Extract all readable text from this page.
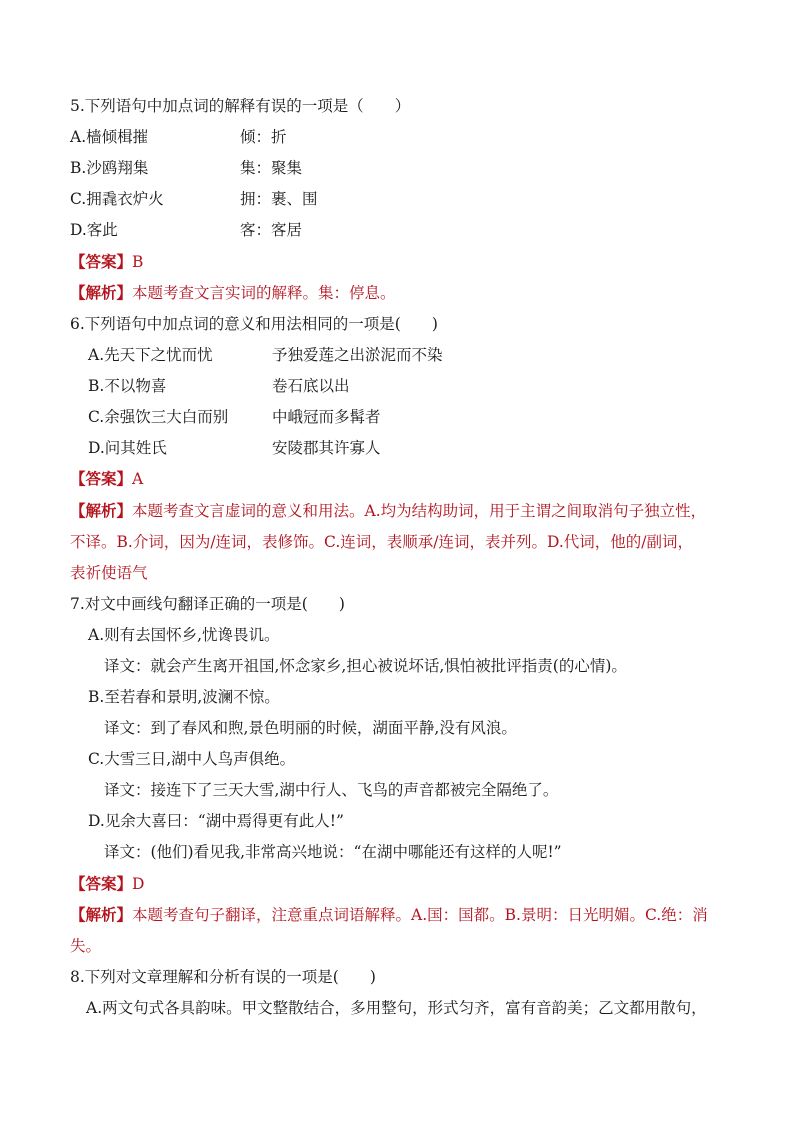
5.下列语句中加点词的解释有误的一项是（　　）
A.樯倾楫摧	倾：折
B.沙鸥翔集	集：聚集
C.拥毳衣炉火	拥：裹、围
D.客此	客：客居
【答案】B
【解析】本题考查文言实词的解释。集：停息。
6.下列语句中加点词的意义和用法相同的一项是(　　)
A.先天下之忧而忧	予独爱莲之出淤泥而不染
B.不以物喜	卷石底以出
C.余强饮三大白而别	中峨冠而多髯者
D.问其姓氏	安陵郡其许寡人
【答案】A
【解析】本题考查文言虚词的意义和用法。A.均为结构助词，用于主谓之间取消句子独立性，
不译。B.介词，因为/连词，表修饰。C.连词，表顺承/连词，表并列。D.代词，他的/副词，
表祈使语气
7.对文中画线句翻译正确的一项是(　　)
A.则有去国怀乡,忧谗畏讥。
译文：就会产生离开祖国,怀念家乡,担心被说坏话,惧怕被批评指责(的心情)。
B.至若春和景明,波澜不惊。
译文：到了春风和煦,景色明丽的时候，湖面平静,没有风浪。
C.大雪三日,湖中人鸟声俱绝。
译文：接连下了三天大雪,湖中行人、飞鸟的声音都被完全隔绝了。
D.见余大喜曰：“湖中焉得更有此人!”
译文：(他们)看见我,非常高兴地说：“在湖中哪能还有这样的人呢!”
【答案】D
【解析】本题考查句子翻译，注意重点词语解释。A.国：国都。B.景明：日光明媚。C.绝：消
失。
8.下列对文章理解和分析有误的一项是(　　)
A.两文句式各具韵味。甲文整散结合，多用整句，形式匀齐，富有音韵美；乙文都用散句，
